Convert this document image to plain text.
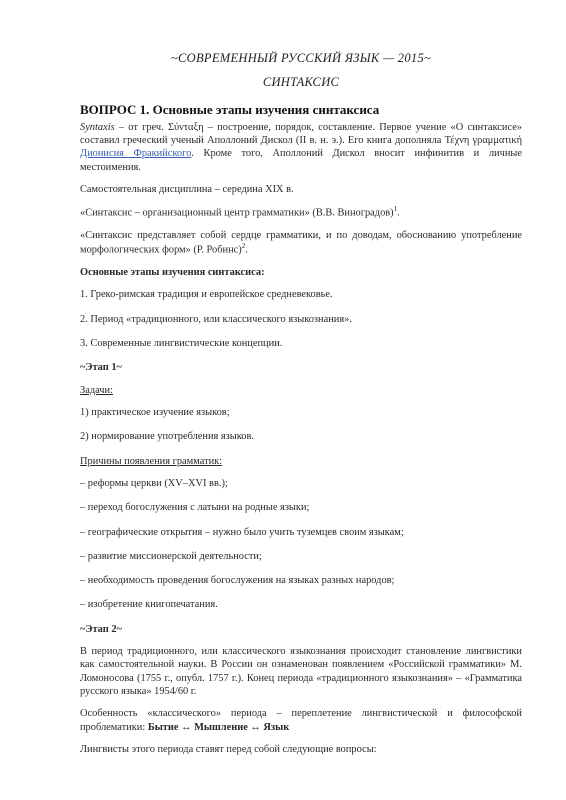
~СОВРЕМЕННЫЙ РУССКИЙ ЯЗЫК — 2015~
СИНТАКСИС
ВОПРОС 1. Основные этапы изучения синтаксиса

Syntaxis – от греч. Σύνταξη – построение, порядок, составление. Первое учение «О синтаксисе» составил греческий ученый Аполлоний Дискол (II в. н. э.). Его книга дополняла Τέχνη γραμματική Дионисия Фракийского. Кроме того, Аполлоний Дискол вносит инфинитив и личные местоимения.

Самостоятельная дисциплина – середина XIX в.

«Синтаксис – организационный центр грамматики» (В.В. Виноградов)$^1$.

«Синтаксис представляет собой сердце грамматики, и по доводам, обоснованию употребление морфологических форм» (Р. Робинс)$^2$.

Основные этапы изучения синтаксиса:

1. Греко-римская традиция и европейское средневековье.

2. Период «традиционного, или классического языкознания».

3. Современные лингвистические концепции.

~Этап 1~

Задачи:

1) практическое изучение языков;

2) нормирование употребления языков.

Причины появления грамматик:

– реформы церкви (XV–XVI вв.);

– переход богослужения с латыни на родные языки;

– географические открытия – нужно было учить туземцев своим языкам;

– развитие миссионерской деятельности;

– необходимость проведения богослужения на языках разных народов;

– изобретение книгопечатания.

~Этап 2~

В период традиционного, или классического языкознания происходит становление лингвистики как самостоятельной науки. В России он ознаменован появлением «Российской грамматики» М. Ломоносова (1755 г., опубл. 1757 г.). Конец периода «традиционного языкознания» – «Грамматика русского языка» 1954/60 г.

Особенность «классического» периода – переплетение лингвистической и философской проблематики: Бытие ↔ Мышление ↔ Язык

Лингвисты этого периода ставят перед собой следующие вопросы:
